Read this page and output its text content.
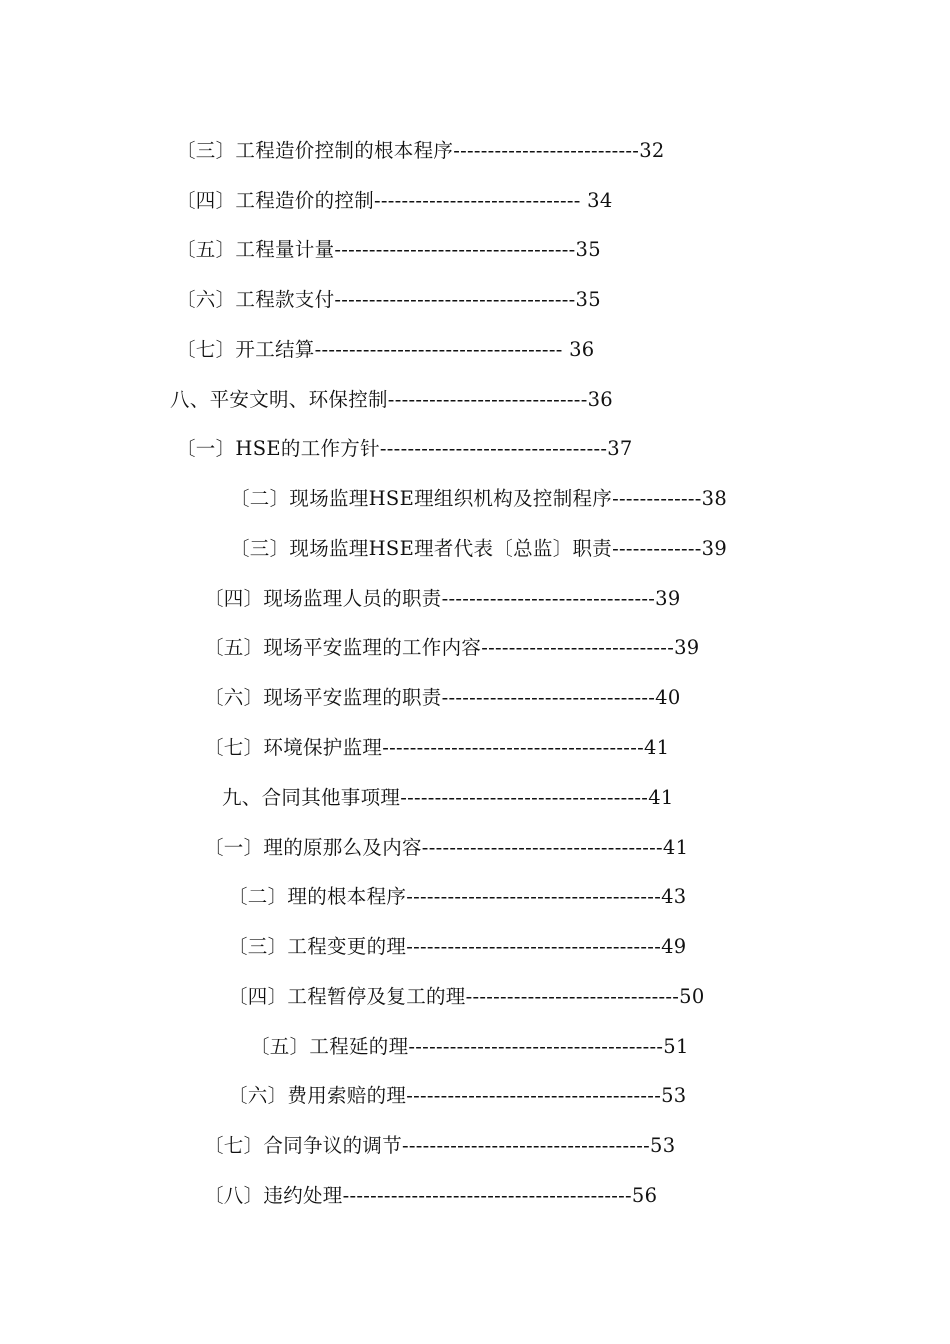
〔三〕工程造价控制的根本程序---------------------------32
〔四〕工程造价的控制------------------------------ 34
〔五〕工程量计量-----------------------------------35
〔六〕工程款支付-----------------------------------35
〔七〕开工结算------------------------------------ 36
八、平安文明、环保控制-----------------------------36
〔一〕HSE的工作方针---------------------------------37
〔二〕现场监理HSE理组织机构及控制程序-------------38
〔三〕现场监理HSE理者代表〔总监〕职责-------------39
〔四〕现场监理人员的职责-------------------------------39
〔五〕现场平安监理的工作内容----------------------------39
〔六〕现场平安监理的职责-------------------------------40
〔七〕环境保护监理--------------------------------------41
九、合同其他事项理------------------------------------41
〔一〕理的原那么及内容-----------------------------------41
〔二〕理的根本程序-------------------------------------43
〔三〕工程变更的理-------------------------------------49
〔四〕工程暂停及复工的理-------------------------------50
〔五〕工程延的理-------------------------------------51
〔六〕费用索赔的理-------------------------------------53
〔七〕合同争议的调节------------------------------------53
〔八〕违约处理------------------------------------------56
